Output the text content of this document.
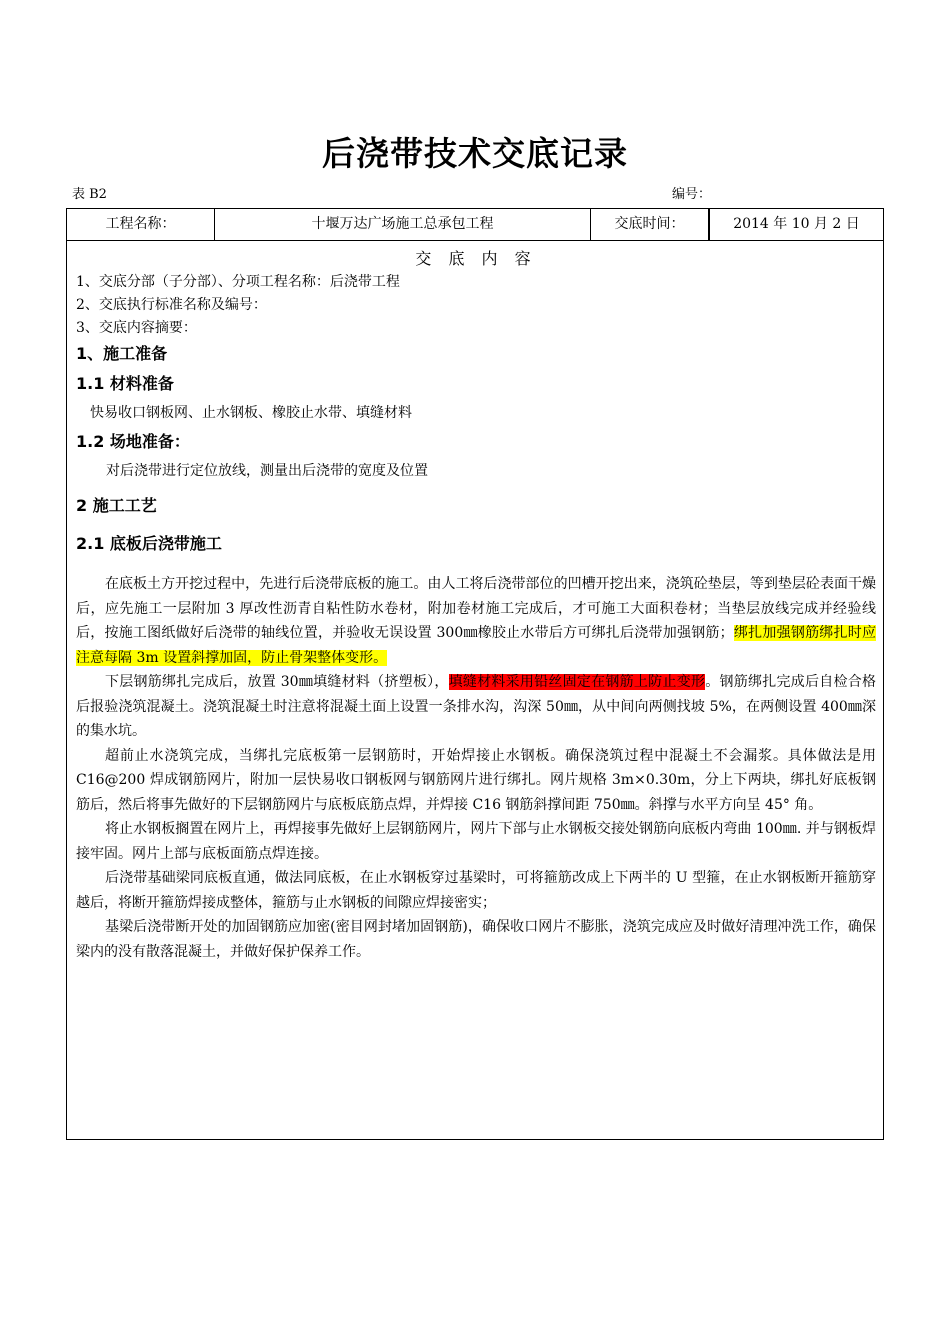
后浇带技术交底记录
表 B2	编号：
工程名称：	十堰万达广场施工总承包工程	交底时间：	2014 年 10 月 2 日
交 底 内 容
1、交底分部（子分部）、分项工程名称：后浇带工程
2、交底执行标准名称及编号：
3、交底内容摘要：
1、施工准备
1.1 材料准备
快易收口钢板网、止水钢板、橡胶止水带、填缝材料
1.2 场地准备：
对后浇带进行定位放线，测量出后浇带的宽度及位置
2 施工工艺
2.1 底板后浇带施工
在底板土方开挖过程中，先进行后浇带底板的施工。由人工将后浇带部位的凹槽开挖出来，浇筑砼垫层，等到垫层砼表面干燥后，应先施工一层附加 3 厚改性沥青自粘性防水卷材，附加卷材施工完成后，才可施工大面积卷材；当垫层放线完成并经验线后，按施工图纸做好后浇带的轴线位置，并验收无误设置 300㎜橡胶止水带后方可绑扎后浇带加强钢筋；绑扎加强钢筋绑扎时应注意每隔 3m 设置斜撑加固，防止骨架整体变形。
下层钢筋绑扎完成后，放置 30㎜填缝材料（挤塑板），填缝材料采用铅丝固定在钢筋上防止变形。钢筋绑扎完成后自检合格后报验浇筑混凝土。浇筑混凝土时注意将混凝土面上设置一条排水沟，沟深 50㎜，从中间向两侧找坡 5%，在两侧设置 400㎜深的集水坑。
超前止水浇筑完成，当绑扎完底板第一层钢筋时，开始焊接止水钢板。确保浇筑过程中混凝土不会漏浆。具体做法是用 C16@200 焊成钢筋网片，附加一层快易收口钢板网与钢筋网片进行绑扎。网片规格 3m×0.30m，分上下两块，绑扎好底板钢筋后，然后将事先做好的下层钢筋网片与底板底筋点焊，并焊接 C16 钢筋斜撑间距 750㎜。斜撑与水平方向呈 45° 角。
将止水钢板搁置在网片上，再焊接事先做好上层钢筋网片，网片下部与止水钢板交接处钢筋向底板内弯曲 100㎜. 并与钢板焊接牢固。网片上部与底板面筋点焊连接。
后浇带基础梁同底板直通，做法同底板，在止水钢板穿过基梁时，可将箍筋改成上下两半的 U 型箍，在止水钢板断开箍筋穿越后，将断开箍筋焊接成整体，箍筋与止水钢板的间隙应焊接密实；
基梁后浇带断开处的加固钢筋应加密(密目网封堵加固钢筋)，确保收口网片不膨胀，浇筑完成应及时做好清理冲洗工作，确保梁内的没有散落混凝土，并做好保护保养工作。
